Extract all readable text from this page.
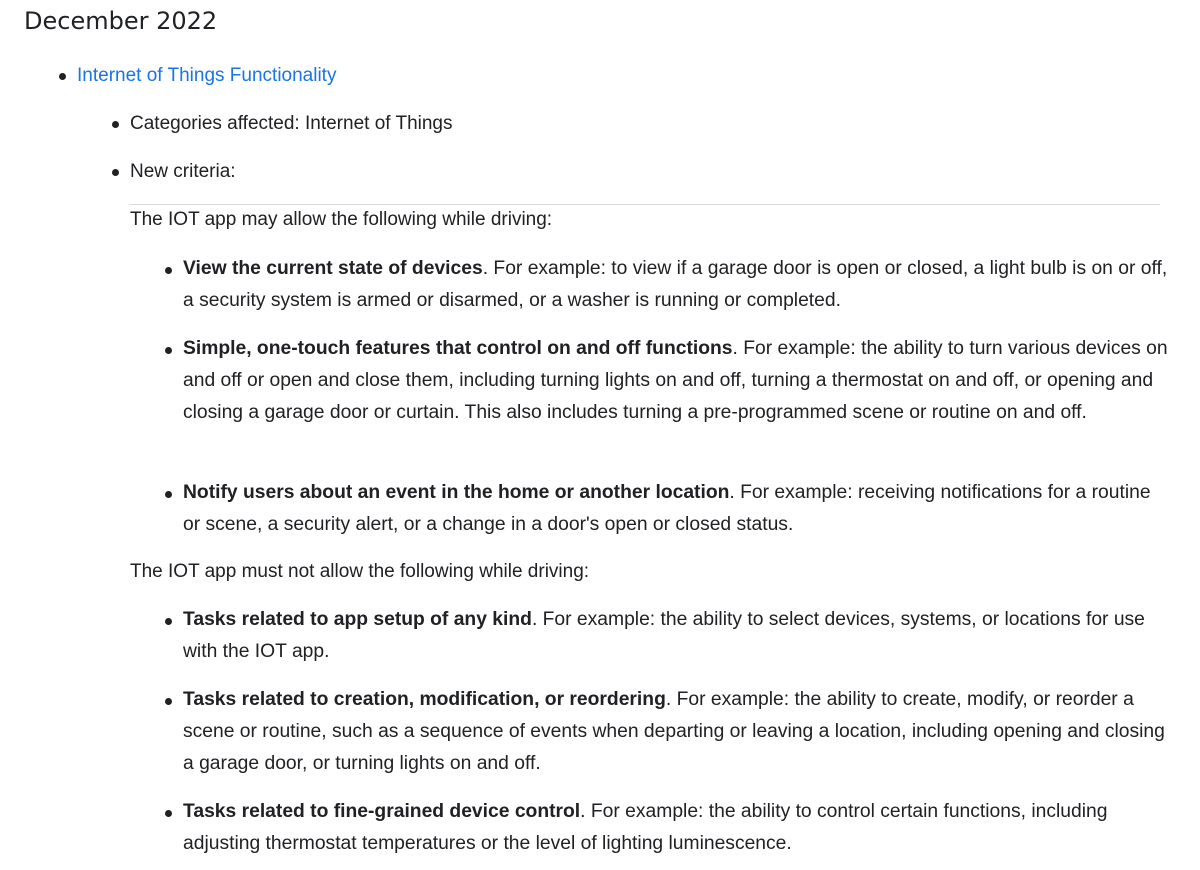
December 2022
Internet of Things Functionality
Categories affected: Internet of Things
New criteria:
The IOT app may allow the following while driving:

View the current state of devices. For example: to view if a garage door is open or closed, a light bulb is on or off, a security system is armed or disarmed, or a washer is running or completed.

Simple, one-touch features that control on and off functions. For example: the ability to turn various devices on and off or open and close them, including turning lights on and off, turning a thermostat on and off, or opening and closing a garage door or curtain. This also includes turning a pre-programmed scene or routine on and off.

Notify users about an event in the home or another location. For example: receiving notifications for a routine or scene, a security alert, or a change in a door's open or closed status.

The IOT app must not allow the following while driving:

Tasks related to app setup of any kind. For example: the ability to select devices, systems, or locations for use with the IOT app.

Tasks related to creation, modification, or reordering. For example: the ability to create, modify, or reorder a scene or routine, such as a sequence of events when departing or leaving a location, including opening and closing a garage door, or turning lights on and off.

Tasks related to fine-grained device control. For example: the ability to control certain functions, including adjusting thermostat temperatures or the level of lighting luminescence.
